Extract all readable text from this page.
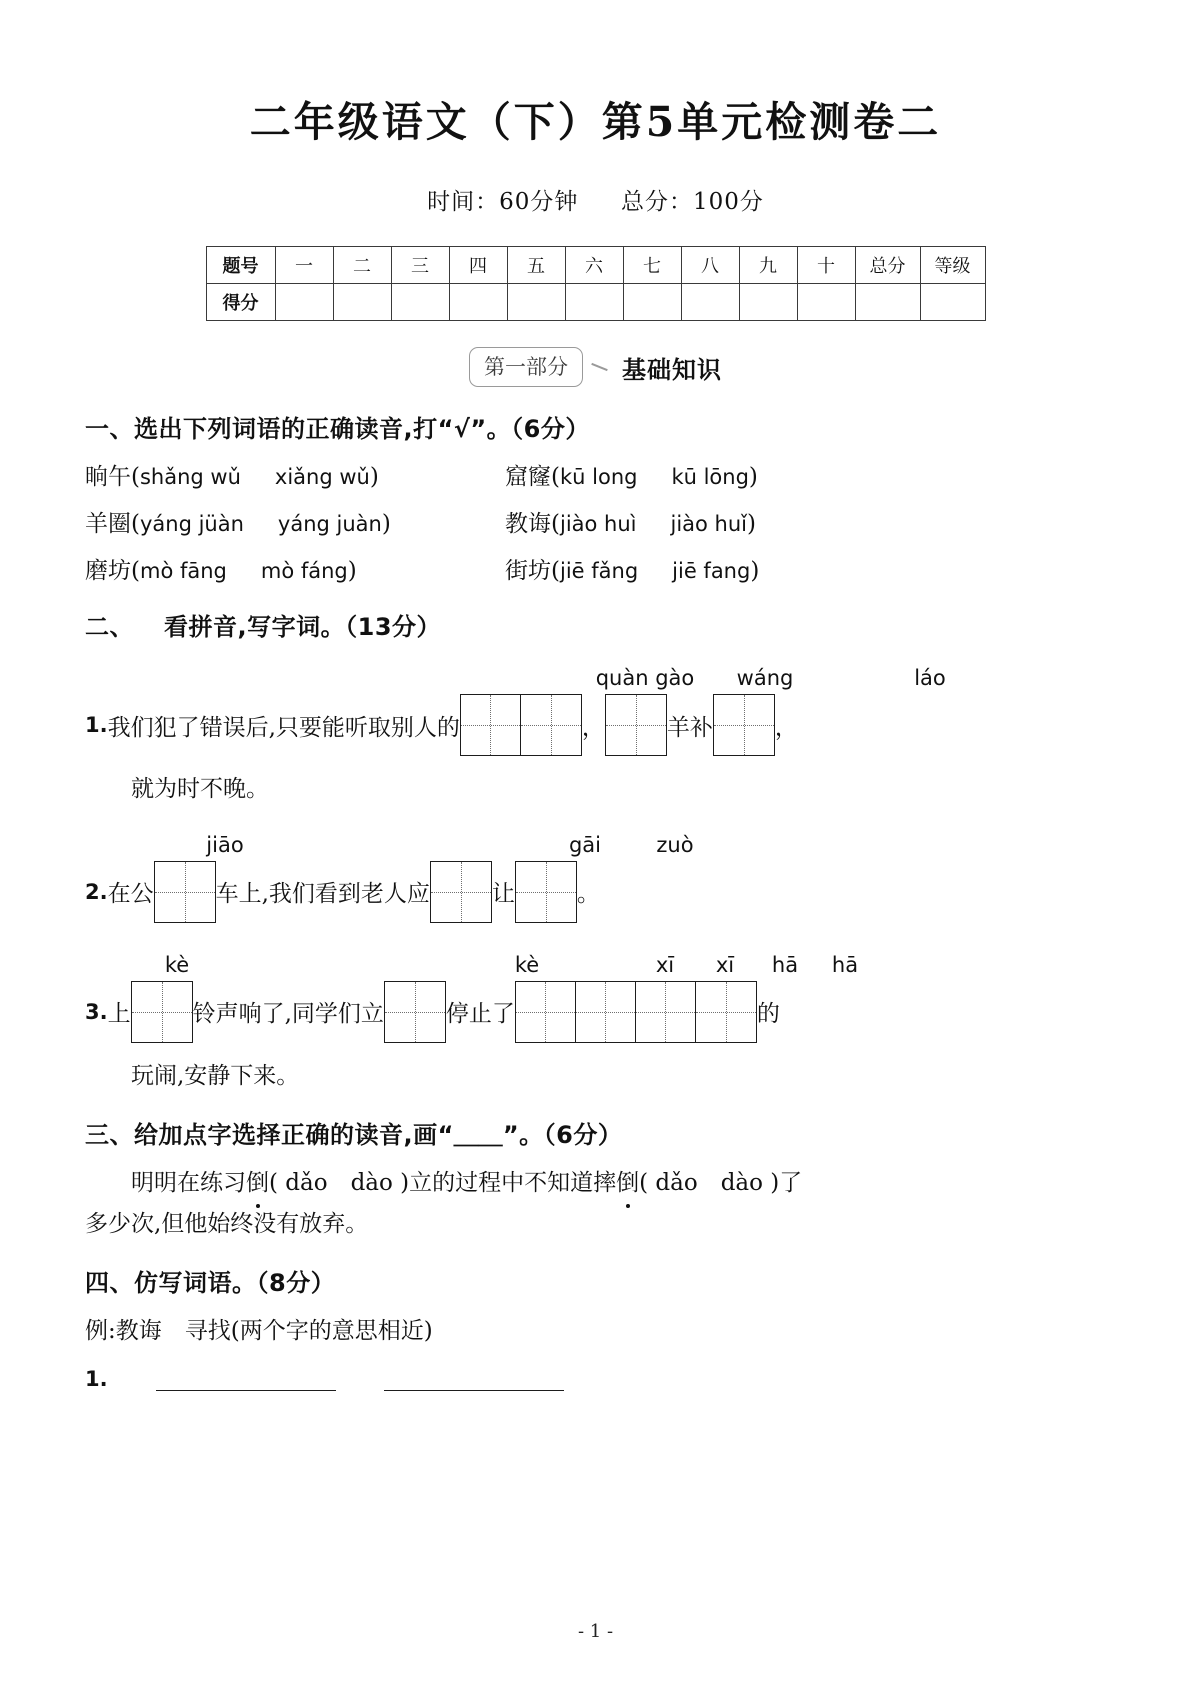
二年级语文（下）第5单元检测卷二
时间：60分钟 总分：100分
题号	一	二	三	四	五	六	七	八	九	十	总分	等级
得分												
第一部分	基础知识
一、选出下列词语的正确读音,打“√”。（6分）
晌午( shǎng wǔ xiǎng wǔ )	窟窿( kū long kū lōng )
羊圈( yáng jüàn yáng juàn )	教诲( jiào huì jiào huǐ )
磨坊( mò fāng mò fáng )	街坊( jiē fǎng jiē fang )
二、 看拼音,写字词。（13分）
quàn gào	wáng	láo
1. 我们犯了错误后,只要能听取别人的	，	羊补	，
就为时不晚。
jiāo	gāi	zuò
2. 在公	车上,我们看到老人应	让	。
kè	kè	xī	xī	hā	hā
3. 上	铃声响了,同学们立	停止了	的
玩闹,安静下来。
三、给加点字选择正确的读音,画“＿＿”。（6分）
明明在练习倒( dǎo　dào )立的过程中不知道摔倒( dǎo　dào )了
多少次,但他始终没有放弃。
四、仿写词语。（8分）
例:教诲　寻找(两个字的意思相近)
1.
- 1 -
